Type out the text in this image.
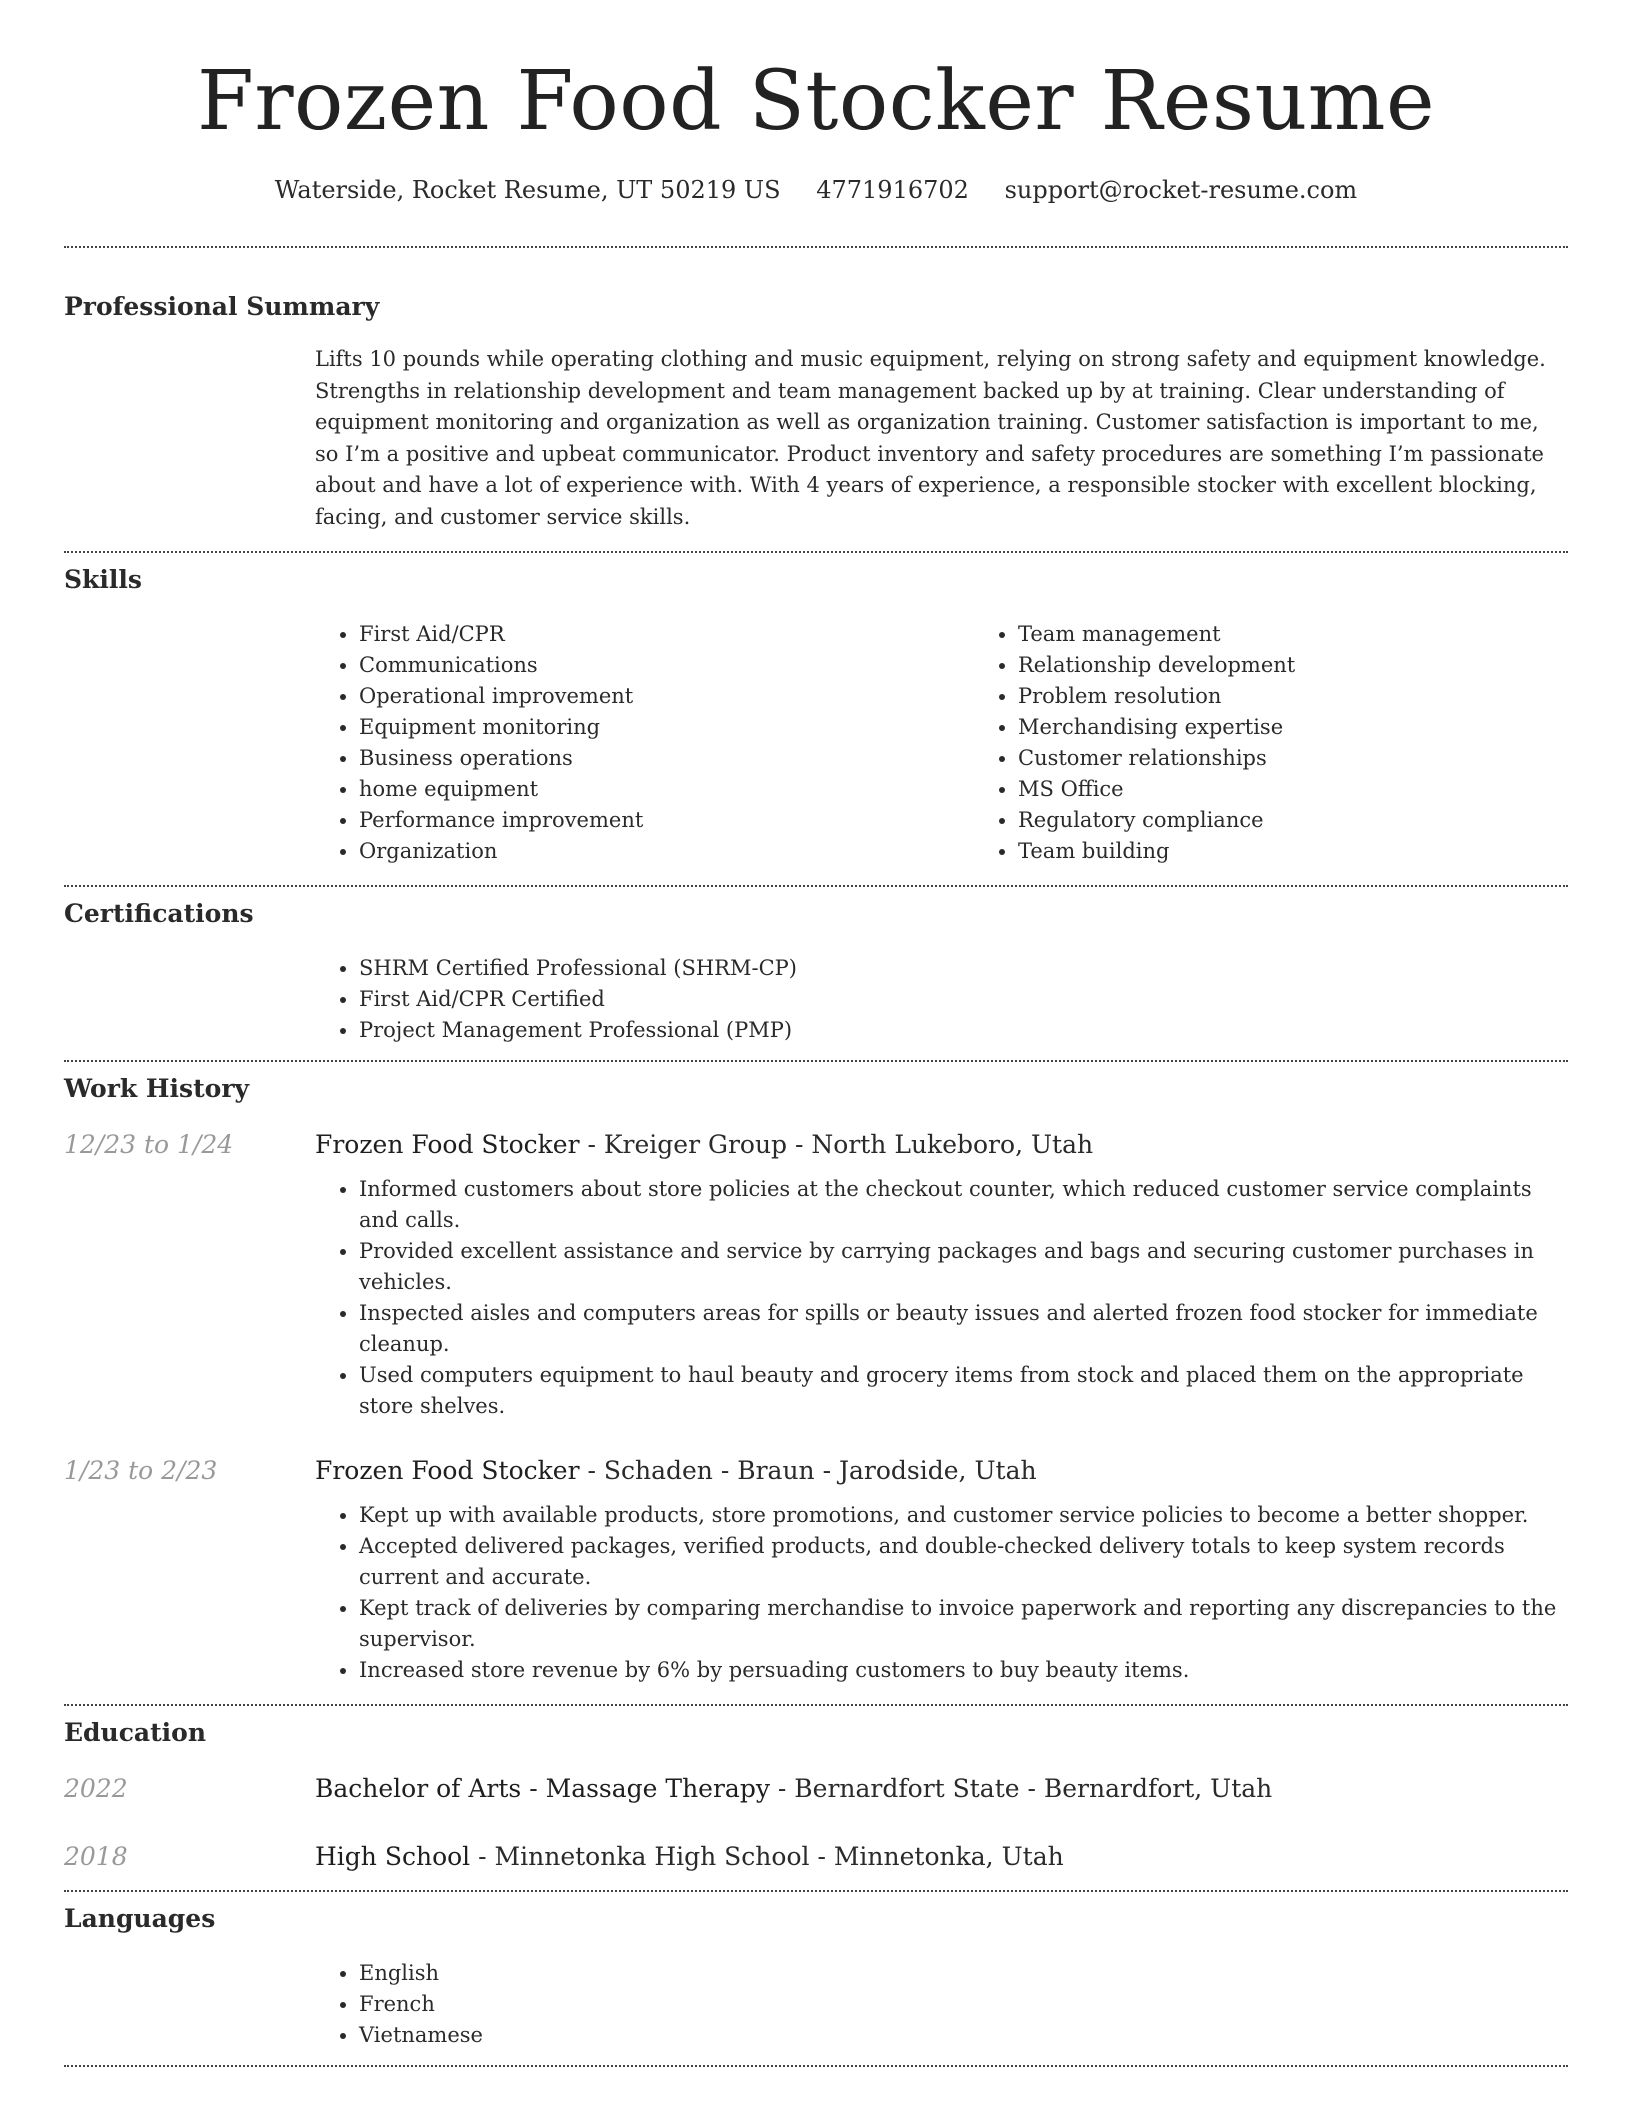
Frozen Food Stocker Resume
Waterside, Rocket Resume, UT 50219 US 4771916702 support@rocket-resume.com
Professional Summary

Lifts 10 pounds while operating clothing and music equipment, relying on strong safety and equipment knowledge. Strengths in relationship development and team management backed up by at training. Clear understanding of equipment monitoring and organization as well as organization training. Customer satisfaction is important to me, so I’m a positive and upbeat communicator. Product inventory and safety procedures are something I’m passionate about and have a lot of experience with. With 4 years of experience, a responsible stocker with excellent blocking, facing, and customer service skills.

Skills
• First Aid/CPR
• Communications
• Operational improvement
• Equipment monitoring
• Business operations
• home equipment
• Performance improvement
• Organization
• Team management
• Relationship development
• Problem resolution
• Merchandising expertise
• Customer relationships
• MS Office
• Regulatory compliance
• Team building
Certifications
• SHRM Certified Professional (SHRM-CP)
• First Aid/CPR Certified
• Project Management Professional (PMP)
Work History
12/23 to 1/24	Frozen Food Stocker - Kreiger Group - North Lukeboro, Utah
• Informed customers about store policies at the checkout counter, which reduced customer service complaints and calls.
• Provided excellent assistance and service by carrying packages and bags and securing customer purchases in vehicles.
• Inspected aisles and computers areas for spills or beauty issues and alerted frozen food stocker for immediate cleanup.
• Used computers equipment to haul beauty and grocery items from stock and placed them on the appropriate store shelves.
1/23 to 2/23	Frozen Food Stocker - Schaden - Braun - Jarodside, Utah
• Kept up with available products, store promotions, and customer service policies to become a better shopper.
• Accepted delivered packages, verified products, and double-checked delivery totals to keep system records current and accurate.
• Kept track of deliveries by comparing merchandise to invoice paperwork and reporting any discrepancies to the supervisor.
• Increased store revenue by 6% by persuading customers to buy beauty items.
Education
2022	Bachelor of Arts - Massage Therapy - Bernardfort State - Bernardfort, Utah
2018	High School - Minnetonka High School - Minnetonka, Utah
Languages
• English
• French
• Vietnamese
